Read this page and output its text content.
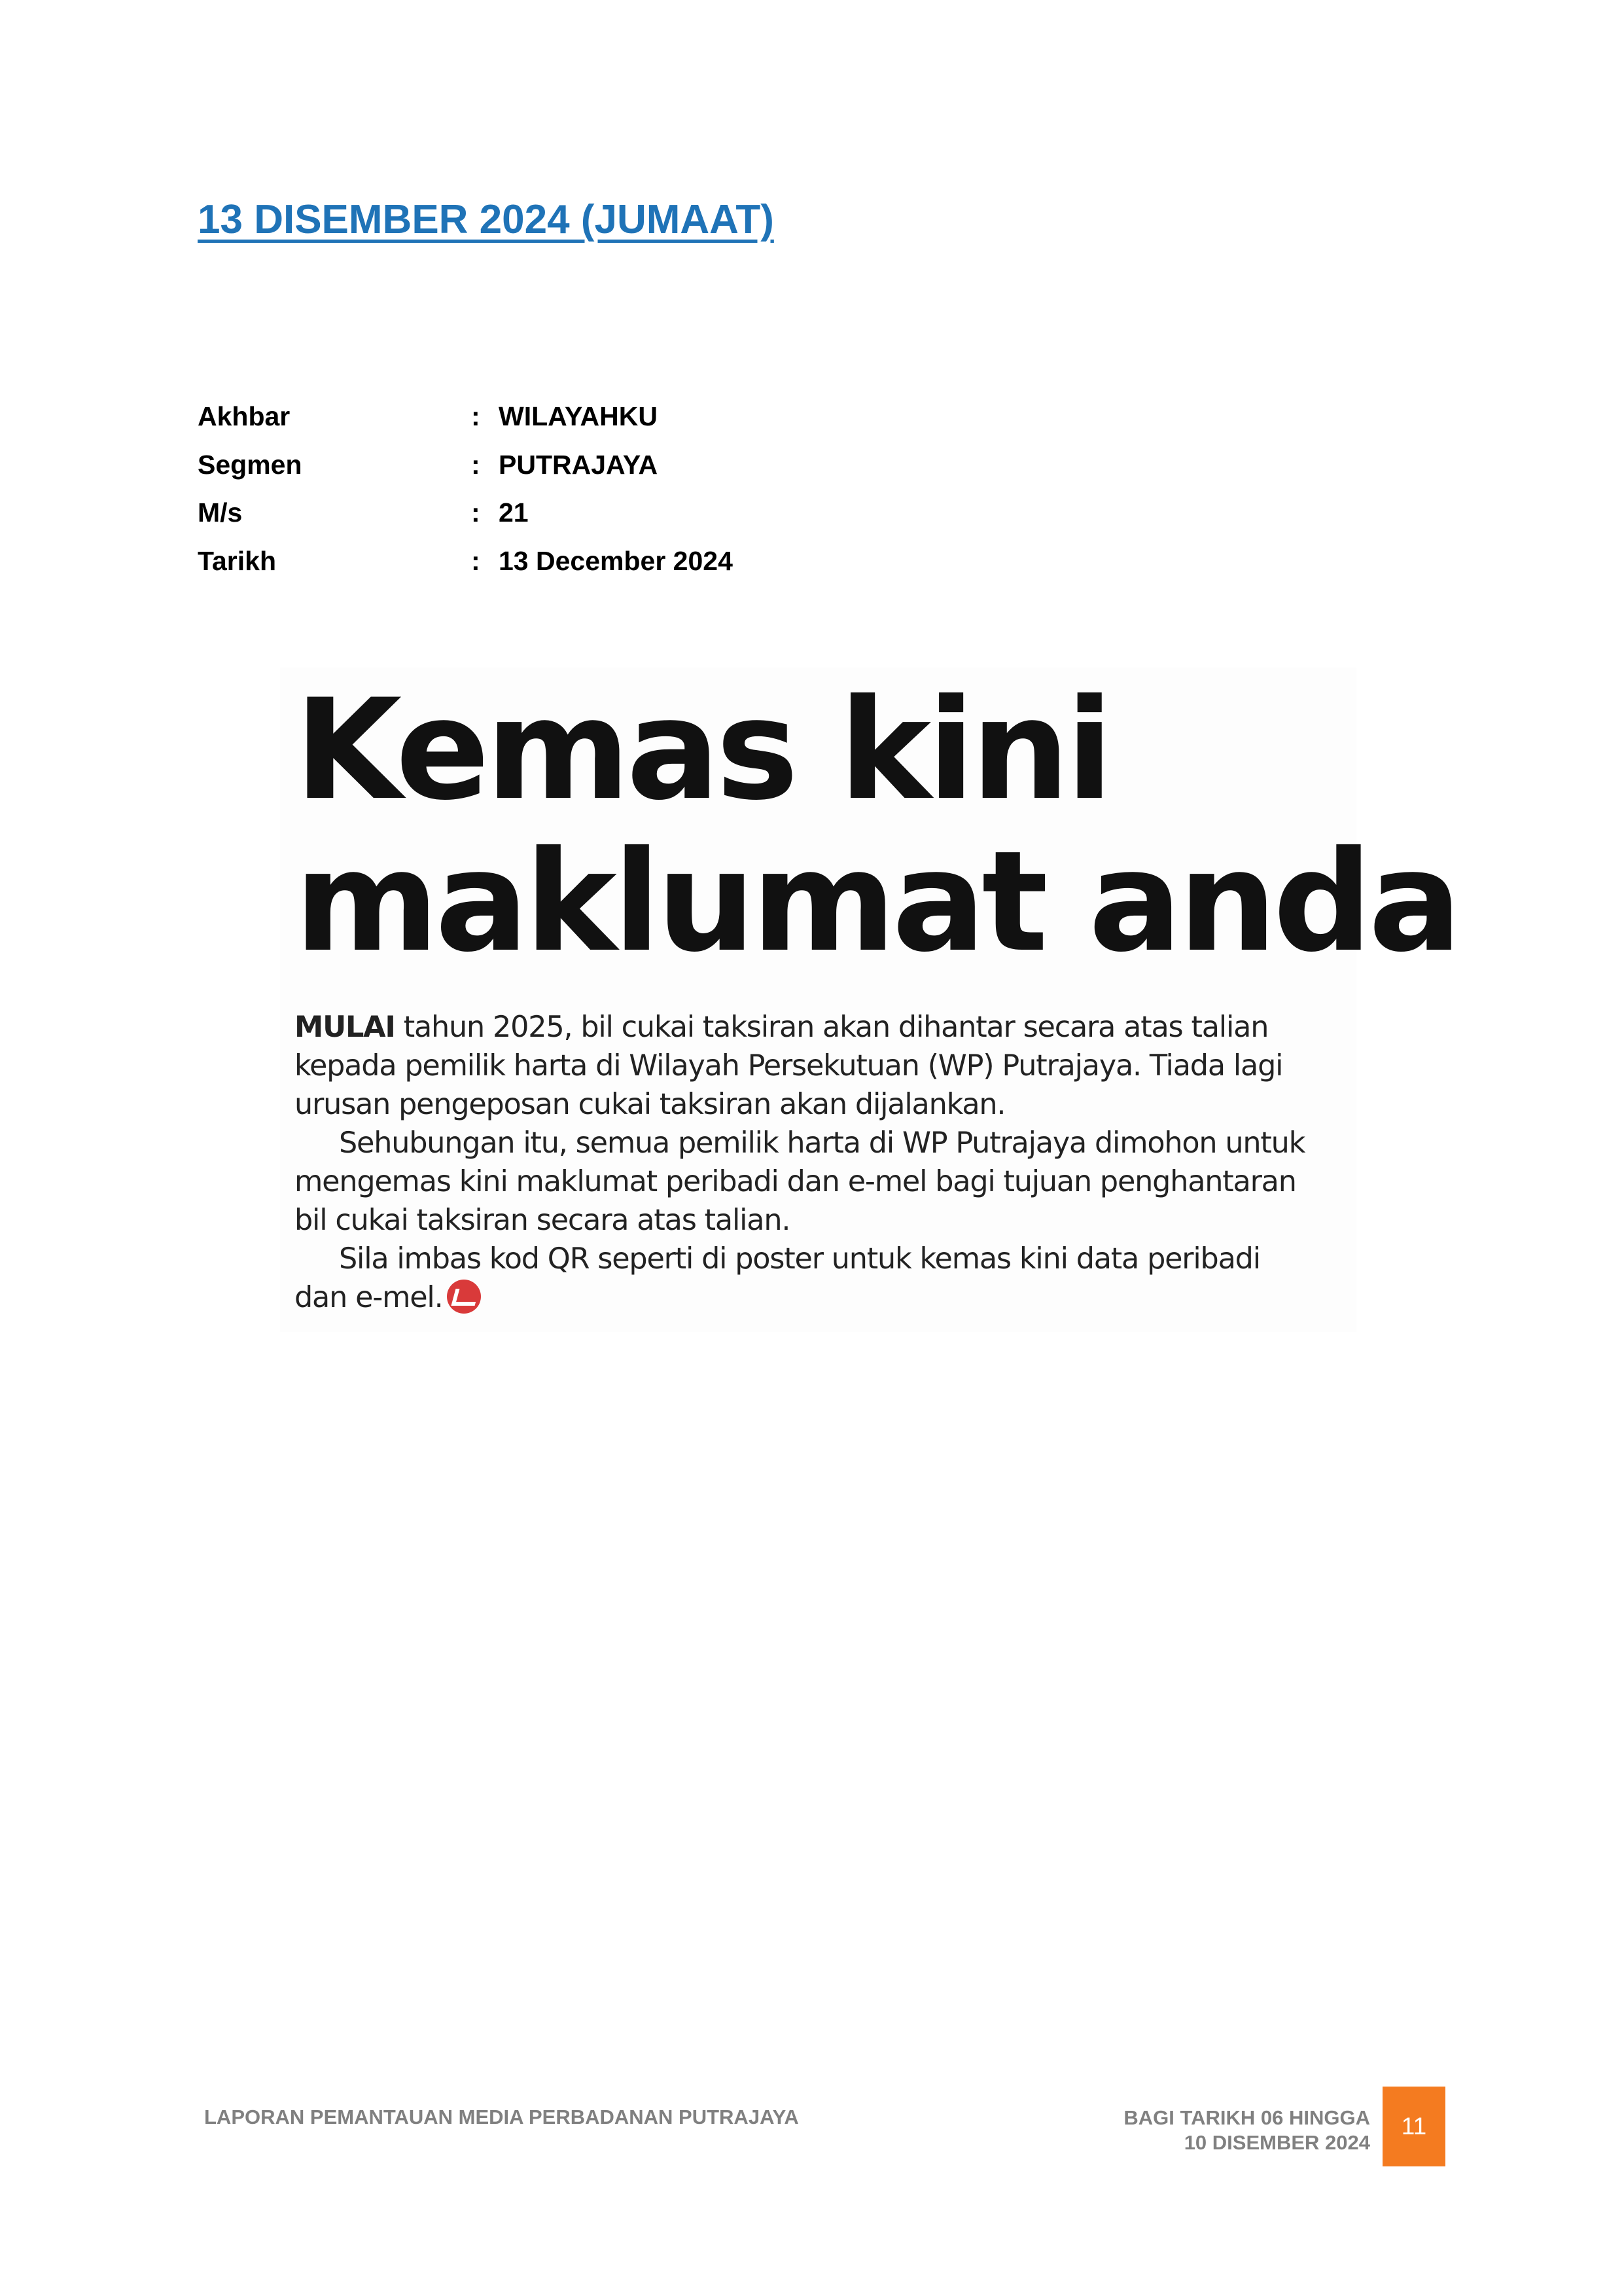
13 DISEMBER 2024 (JUMAAT)
Akhbar	: WILAYAHKU
Segmen	: PUTRAJAYA
M/s	: 21
Tarikh	: 13 December 2024
Kemas kini
maklumat anda
MULAI tahun 2025, bil cukai taksiran akan dihantar secara atas talian
kepada pemilik harta di Wilayah Persekutuan (WP) Putrajaya. Tiada lagi
urusan pengeposan cukai taksiran akan dijalankan.
Sehubungan itu, semua pemilik harta di WP Putrajaya dimohon untuk
mengemas kini maklumat peribadi dan e-mel bagi tujuan penghantaran
bil cukai taksiran secara atas talian.
Sila imbas kod QR seperti di poster untuk kemas kini data peribadi
dan e-mel.
LAPORAN PEMANTAUAN MEDIA PERBADANAN PUTRAJAYA	BAGI TARIKH 06 HINGGA
10 DISEMBER 2024
11
